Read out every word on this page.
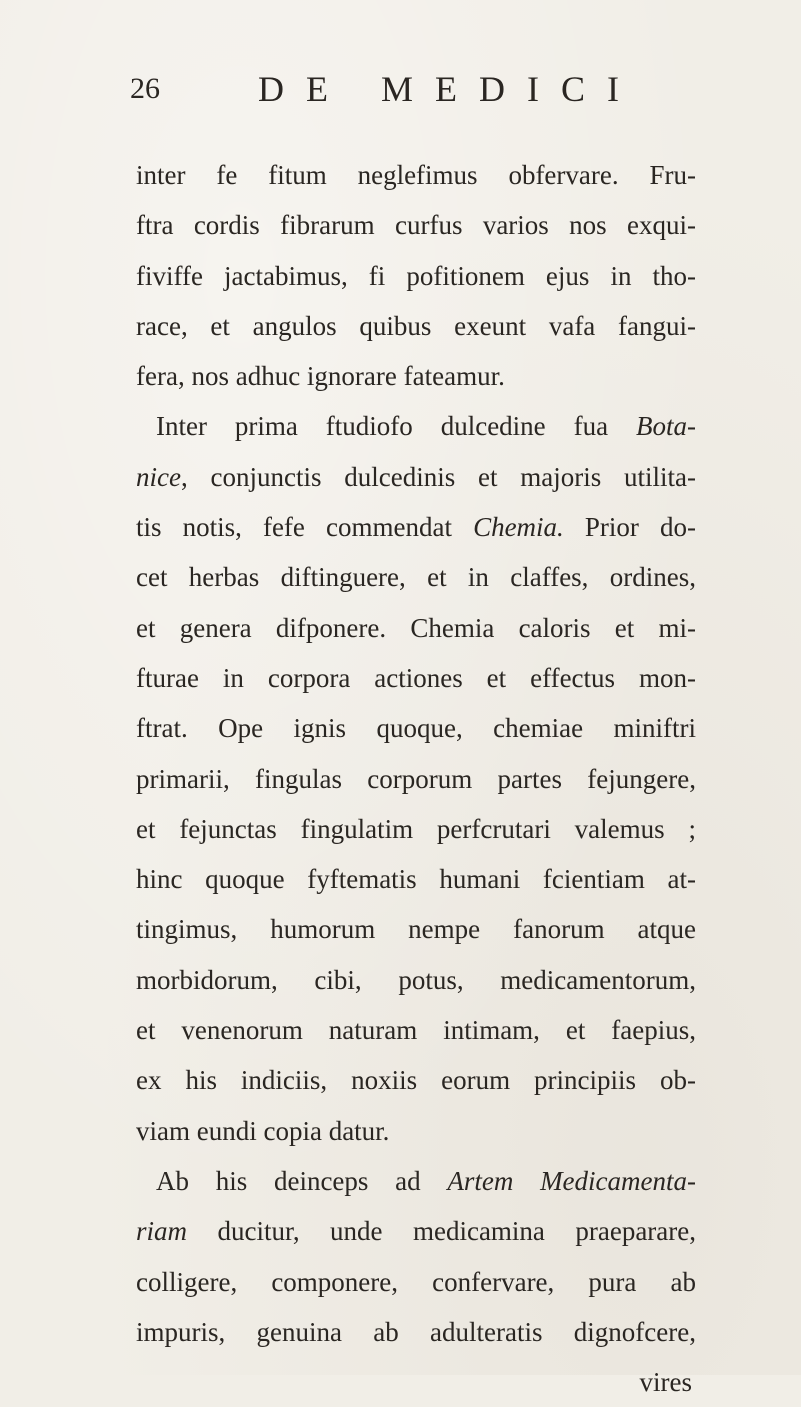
26	DE MEDICI
inter fe fitum neglefimus obfervare. Fru-
ftra cordis fibrarum curfus varios nos exqui-
fiviffe jactabimus, fi pofitionem ejus in tho-
race, et angulos quibus exeunt vafa fangui-
fera, nos adhuc ignorare fateamur.
Inter prima ftudiofo dulcedine fua Bota-
nice, conjunctis dulcedinis et majoris utilita-
tis notis, fefe commendat Chemia. Prior do-
cet herbas diftinguere, et in claffes, ordines,
et genera difponere. Chemia caloris et mi-
fturae in corpora actiones et effectus mon-
ftrat. Ope ignis quoque, chemiae miniftri
primarii, fingulas corporum partes fejungere,
et fejunctas fingulatim perfcrutari valemus ;
hinc quoque fyftematis humani fcientiam at-
tingimus, humorum nempe fanorum atque
morbidorum, cibi, potus, medicamentorum,
et venenorum naturam intimam, et faepius,
ex his indiciis, noxiis eorum principiis ob-
viam eundi copia datur.
Ab his deinceps ad Artem Medicamenta-
riam ducitur, unde medicamina praeparare,
colligere, componere, confervare, pura ab
impuris, genuina ab adulteratis dignofcere,
vires
